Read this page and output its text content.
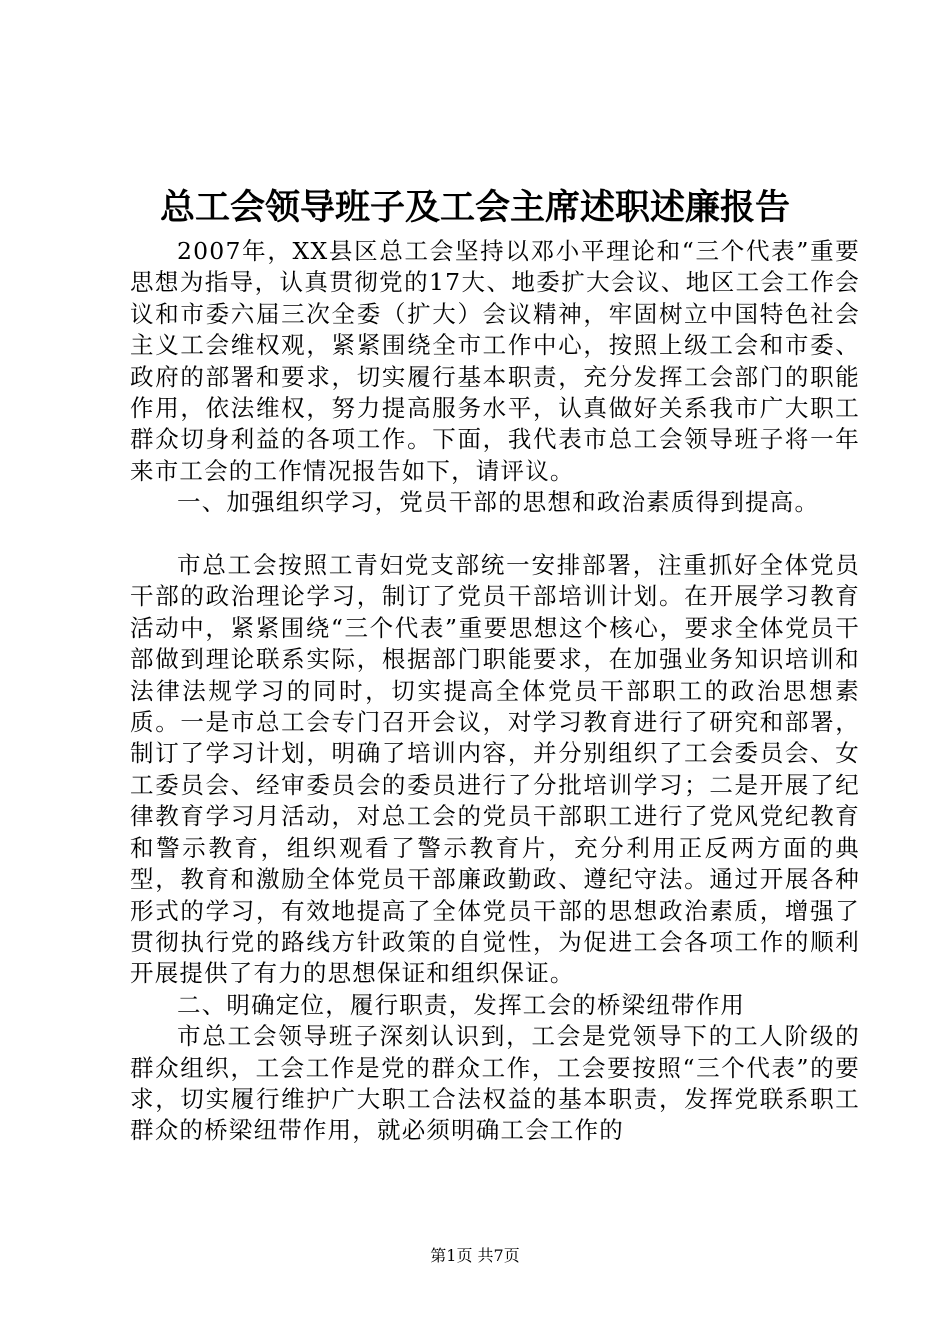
总工会领导班子及工会主席述职述廉报告

2007年，XX县区总工会坚持以邓小平理论和“三个代表”重要思想为指导，认真贯彻党的17大、地委扩大会议、地区工会工作会议和市委六届三次全委（扩大）会议精神，牢固树立中国特色社会主义工会维权观，紧紧围绕全市工作中心，按照上级工会和市委、政府的部署和要求，切实履行基本职责，充分发挥工会部门的职能作用，依法维权，努力提高服务水平，认真做好关系我市广大职工群众切身利益的各项工作。下面，我代表市总工会领导班子将一年来市工会的工作情况报告如下，请评议。

一、加强组织学习，党员干部的思想和政治素质得到提高。

市总工会按照工青妇党支部统一安排部署，注重抓好全体党员干部的政治理论学习，制订了党员干部培训计划。在开展学习教育活动中，紧紧围绕“三个代表”重要思想这个核心，要求全体党员干部做到理论联系实际，根据部门职能要求，在加强业务知识培训和法律法规学习的同时，切实提高全体党员干部职工的政治思想素质。一是市总工会专门召开会议，对学习教育进行了研究和部署，制订了学习计划，明确了培训内容，并分别组织了工会委员会、女工委员会、经审委员会的委员进行了分批培训学习；二是开展了纪律教育学习月活动，对总工会的党员干部职工进行了党风党纪教育和警示教育，组织观看了警示教育片，充分利用正反两方面的典型，教育和激励全体党员干部廉政勤政、遵纪守法。通过开展各种形式的学习，有效地提高了全体党员干部的思想政治素质，增强了贯彻执行党的路线方针政策的自觉性，为促进工会各项工作的顺利开展提供了有力的思想保证和组织保证。

二、明确定位，履行职责，发挥工会的桥梁纽带作用

市总工会领导班子深刻认识到，工会是党领导下的工人阶级的群众组织，工会工作是党的群众工作，工会要按照“三个代表”的要求，切实履行维护广大职工合法权益的基本职责，发挥党联系职工群众的桥梁纽带作用，就必须明确工会工作的

第1页 共7页
